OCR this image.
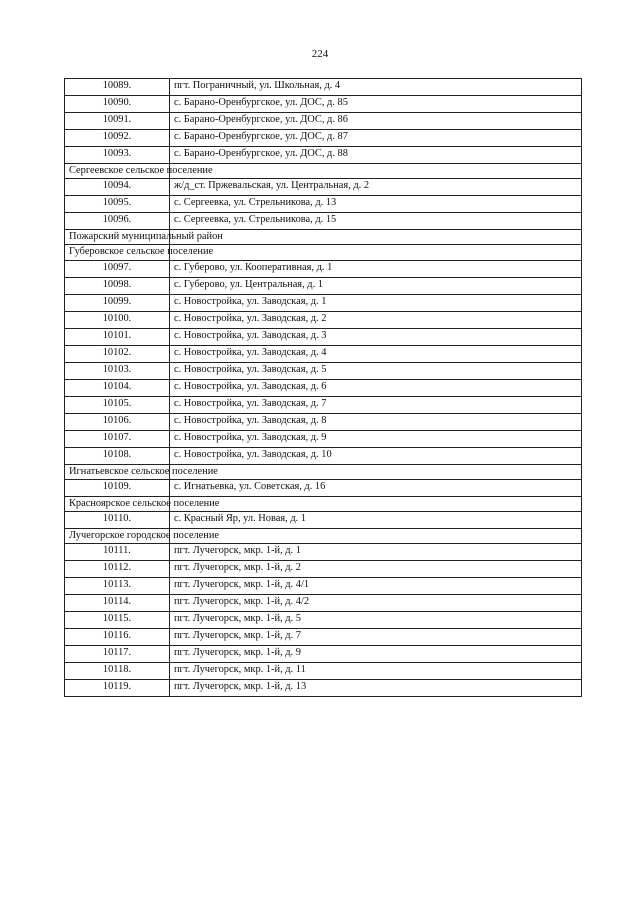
224
10089.	пгт. Пограничный, ул. Школьная, д. 4
10090.	с. Барано-Оренбургское, ул. ДОС, д. 85
10091.	с. Барано-Оренбургское, ул. ДОС, д. 86
10092.	с. Барано-Оренбургское, ул. ДОС, д. 87
10093.	с. Барано-Оренбургское, ул. ДОС, д. 88
Сергеевское сельское поселение	
10094.	ж/д_ст. Пржевальская, ул. Центральная, д. 2
10095.	с. Сергеевка, ул. Стрельникова, д. 13
10096.	с. Сергеевка, ул. Стрельникова, д. 15
Пожарский муниципальный район	
Губеровское сельское поселение	
10097.	с. Губерово, ул. Кооперативная, д. 1
10098.	с. Губерово, ул. Центральная, д. 1
10099.	с. Новостройка, ул. Заводская, д. 1
10100.	с. Новостройка, ул. Заводская, д. 2
10101.	с. Новостройка, ул. Заводская, д. 3
10102.	с. Новостройка, ул. Заводская, д. 4
10103.	с. Новостройка, ул. Заводская, д. 5
10104.	с. Новостройка, ул. Заводская, д. 6
10105.	с. Новостройка, ул. Заводская, д. 7
10106.	с. Новостройка, ул. Заводская, д. 8
10107.	с. Новостройка, ул. Заводская, д. 9
10108.	с. Новостройка, ул. Заводская, д. 10
Игнатьевское сельское поселение	
10109.	с. Игнатьевка, ул. Советская, д. 16
Красноярское сельское поселение	
10110.	с. Красный Яр, ул. Новая, д. 1
Лучегорское городское поселение	
10111.	пгт. Лучегорск, мкр. 1-й, д. 1
10112.	пгт. Лучегорск, мкр. 1-й, д. 2
10113.	пгт. Лучегорск, мкр. 1-й, д. 4/1
10114.	пгт. Лучегорск, мкр. 1-й, д. 4/2
10115.	пгт. Лучегорск, мкр. 1-й, д. 5
10116.	пгт. Лучегорск, мкр. 1-й, д. 7
10117.	пгт. Лучегорск, мкр. 1-й, д. 9
10118.	пгт. Лучегорск, мкр. 1-й, д. 11
10119.	пгт. Лучегорск, мкр. 1-й, д. 13
